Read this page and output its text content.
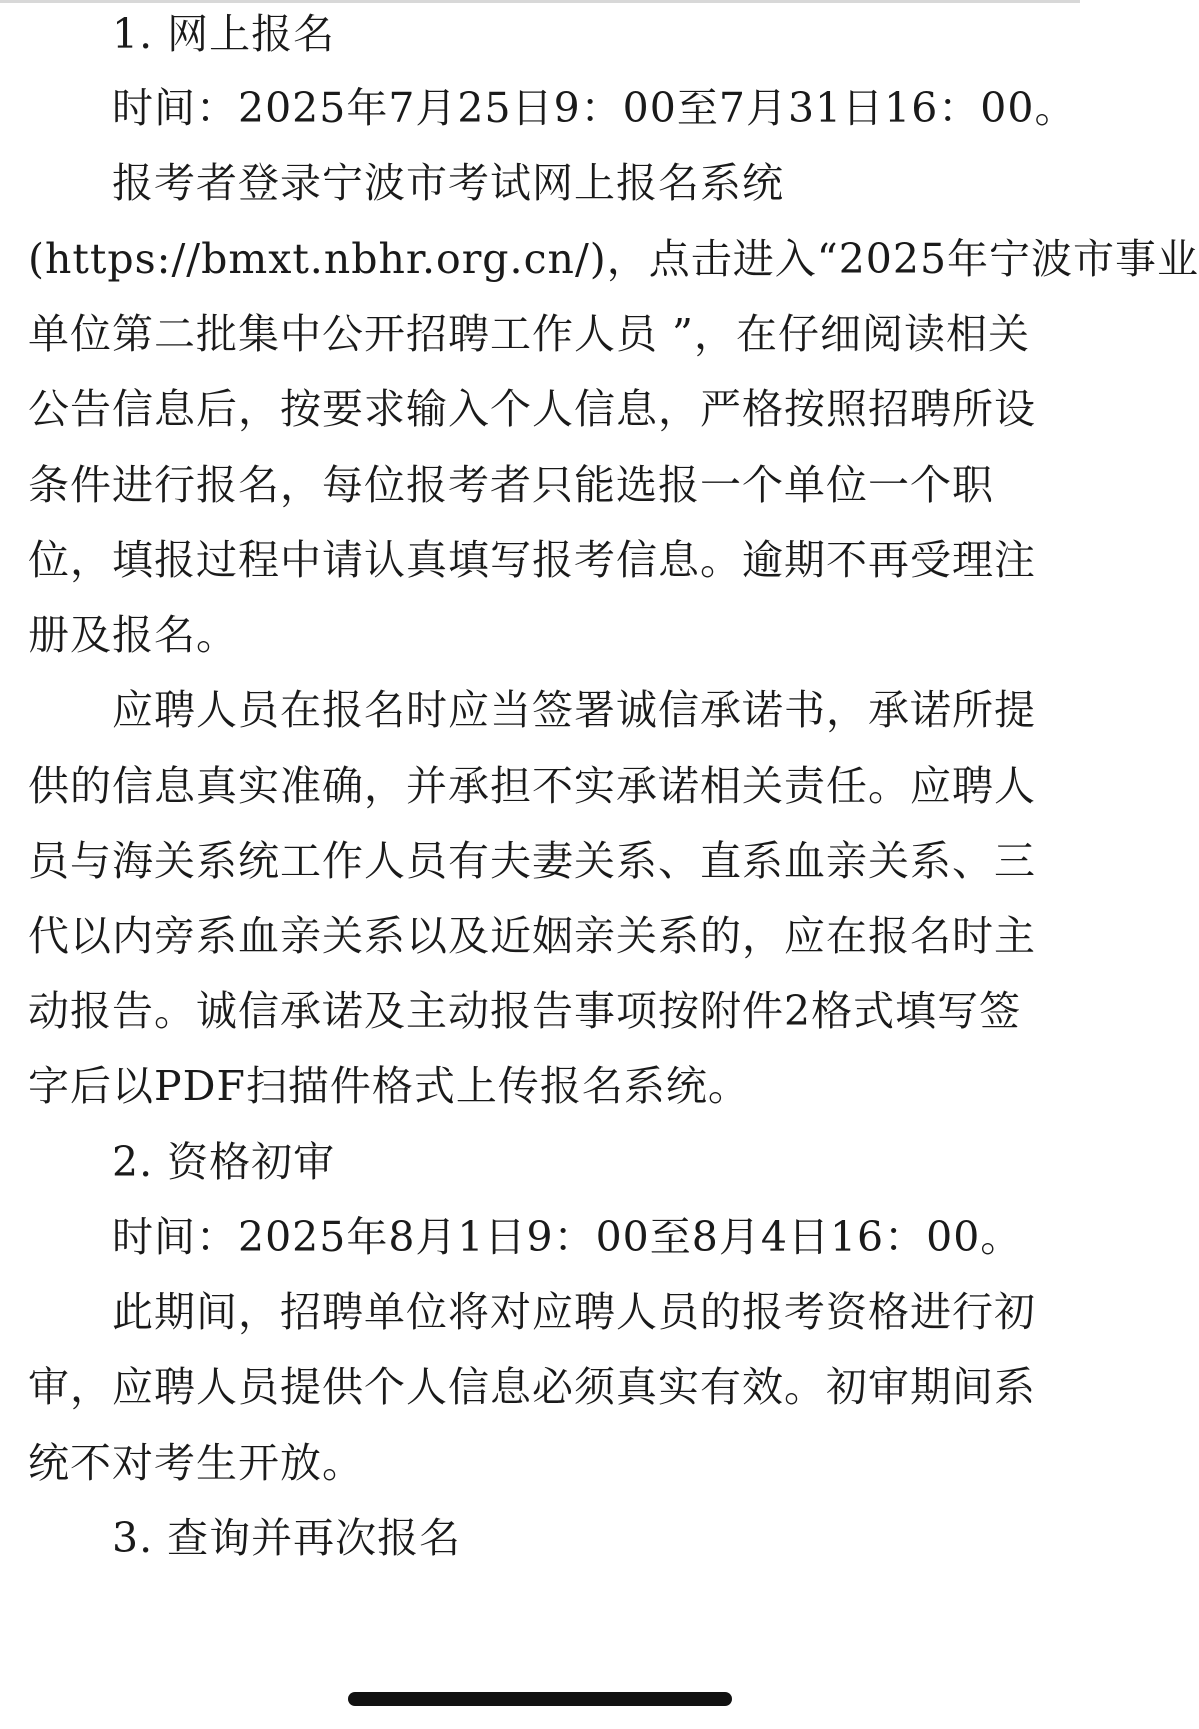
1. 网上报名
时间：2025年7月25日9：00至7月31日16：00。
报考者登录宁波市考试网上报名系统
(https://bmxt.nbhr.org.cn/)，点击进入“2025年宁波市事业
单位第二批集中公开招聘工作人员 ”，在仔细阅读相关
公告信息后，按要求输入个人信息，严格按照招聘所设
条件进行报名，每位报考者只能选报一个单位一个职
位，填报过程中请认真填写报考信息。逾期不再受理注
册及报名。
应聘人员在报名时应当签署诚信承诺书，承诺所提
供的信息真实准确，并承担不实承诺相关责任。应聘人
员与海关系统工作人员有夫妻关系、直系血亲关系、三
代以内旁系血亲关系以及近姻亲关系的，应在报名时主
动报告。诚信承诺及主动报告事项按附件2格式填写签
字后以PDF扫描件格式上传报名系统。
2. 资格初审
时间：2025年8月1日9：00至8月4日16：00。
此期间，招聘单位将对应聘人员的报考资格进行初
审，应聘人员提供个人信息必须真实有效。初审期间系
统不对考生开放。
3. 查询并再次报名
